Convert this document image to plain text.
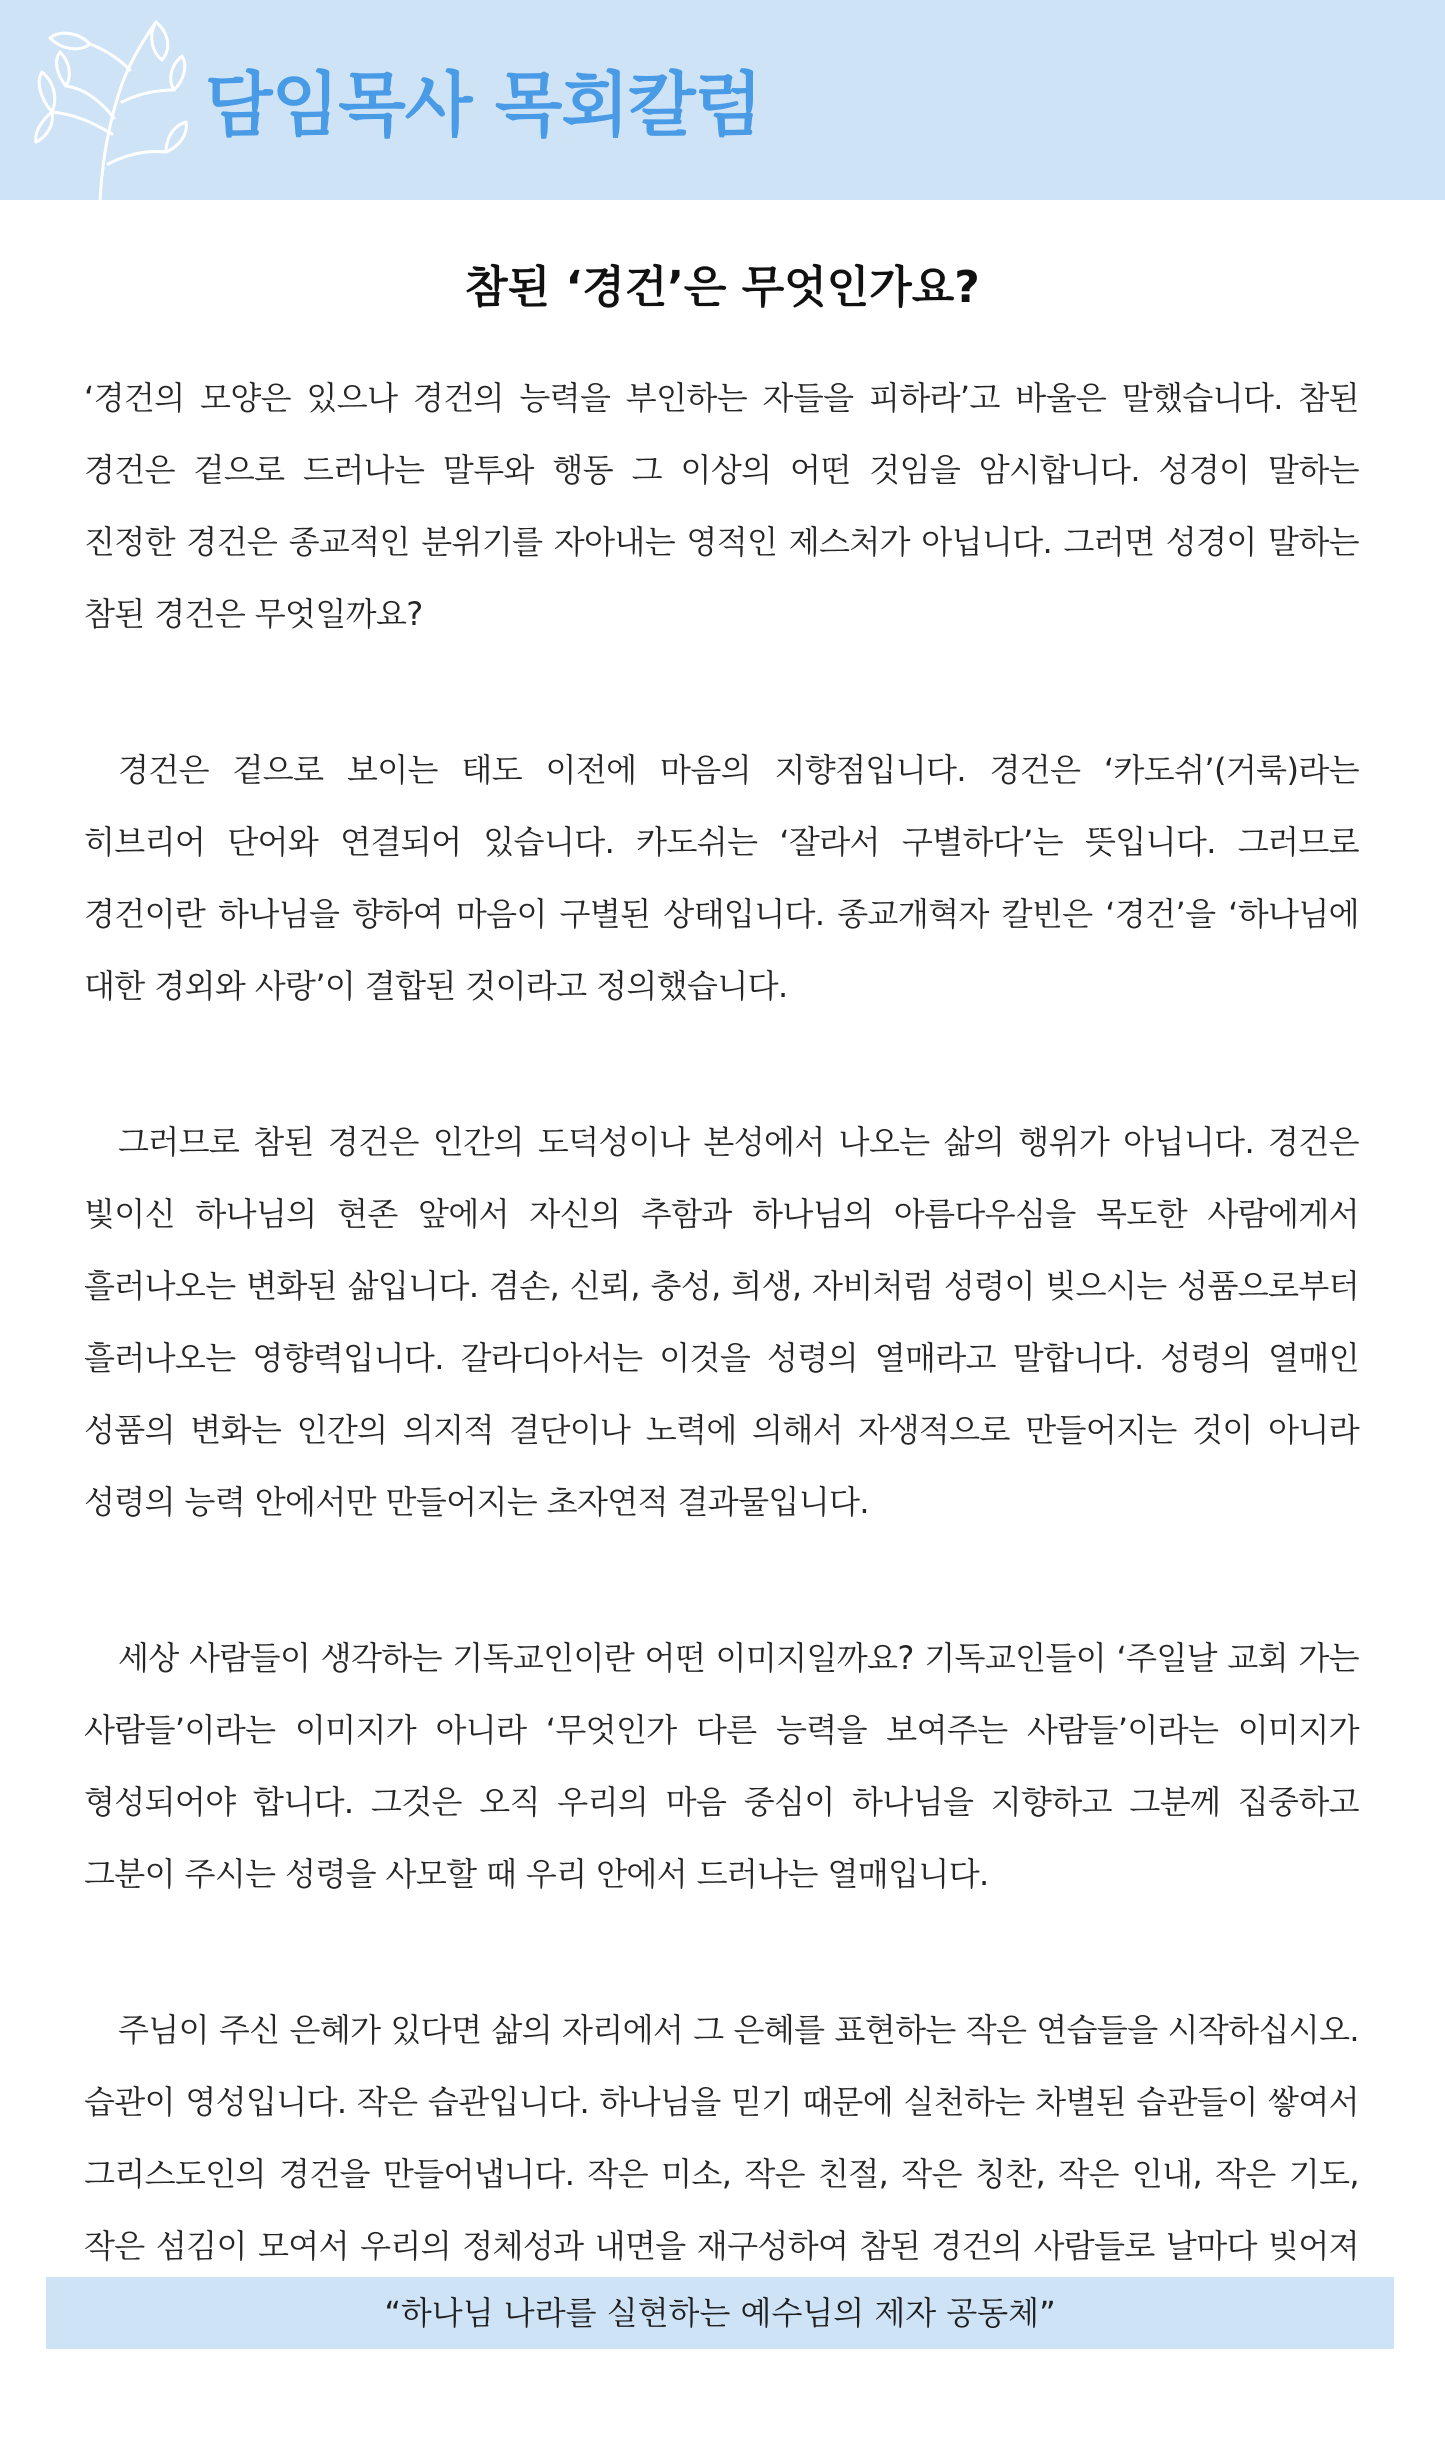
담임목사 목회칼럼
참된 ‘경건’은 무엇인가요?

‘경건의 모양은 있으나 경건의 능력을 부인하는 자들을 피하라’고 바울은 말했습니다. 참된 경건은 겉으로 드러나는 말투와 행동 그 이상의 어떤 것임을 암시합니다. 성경이 말하는 진정한 경건은 종교적인 분위기를 자아내는 영적인 제스처가 아닙니다. 그러면 성경이 말하는 참된 경건은 무엇일까요?

경건은 겉으로 보이는 태도 이전에 마음의 지향점입니다. 경건은 ‘카도쉬’(거룩)라는 히브리어 단어와 연결되어 있습니다. 카도쉬는 ‘잘라서 구별하다’는 뜻입니다. 그러므로 경건이란 하나님을 향하여 마음이 구별된 상태입니다. 종교개혁자 칼빈은 ‘경건’을 ‘하나님에 대한 경외와 사랑’이 결합된 것이라고 정의했습니다.

그러므로 참된 경건은 인간의 도덕성이나 본성에서 나오는 삶의 행위가 아닙니다. 경건은 빛이신 하나님의 현존 앞에서 자신의 추함과 하나님의 아름다우심을 목도한 사람에게서 흘러나오는 변화된 삶입니다. 겸손, 신뢰, 충성, 희생, 자비처럼 성령이 빚으시는 성품으로부터 흘러나오는 영향력입니다. 갈라디아서는 이것을 성령의 열매라고 말합니다. 성령의 열매인 성품의 변화는 인간의 의지적 결단이나 노력에 의해서 자생적으로 만들어지는 것이 아니라 성령의 능력 안에서만 만들어지는 초자연적 결과물입니다.

세상 사람들이 생각하는 기독교인이란 어떤 이미지일까요? 기독교인들이 ‘주일날 교회 가는 사람들’이라는 이미지가 아니라 ‘무엇인가 다른 능력을 보여주는 사람들’이라는 이미지가 형성되어야 합니다. 그것은 오직 우리의 마음 중심이 하나님을 지향하고 그분께 집중하고 그분이 주시는 성령을 사모할 때 우리 안에서 드러나는 열매입니다.

주님이 주신 은혜가 있다면 삶의 자리에서 그 은혜를 표현하는 작은 연습들을 시작하십시오. 습관이 영성입니다. 작은 습관입니다. 하나님을 믿기 때문에 실천하는 차별된 습관들이 쌓여서 그리스도인의 경건을 만들어냅니다. 작은 미소, 작은 친절, 작은 칭찬, 작은 인내, 작은 기도, 작은 섬김이 모여서 우리의 정체성과 내면을 재구성하여 참된 경건의 사람들로 날마다 빚어져

“하나님 나라를 실현하는 예수님의 제자 공동체”
